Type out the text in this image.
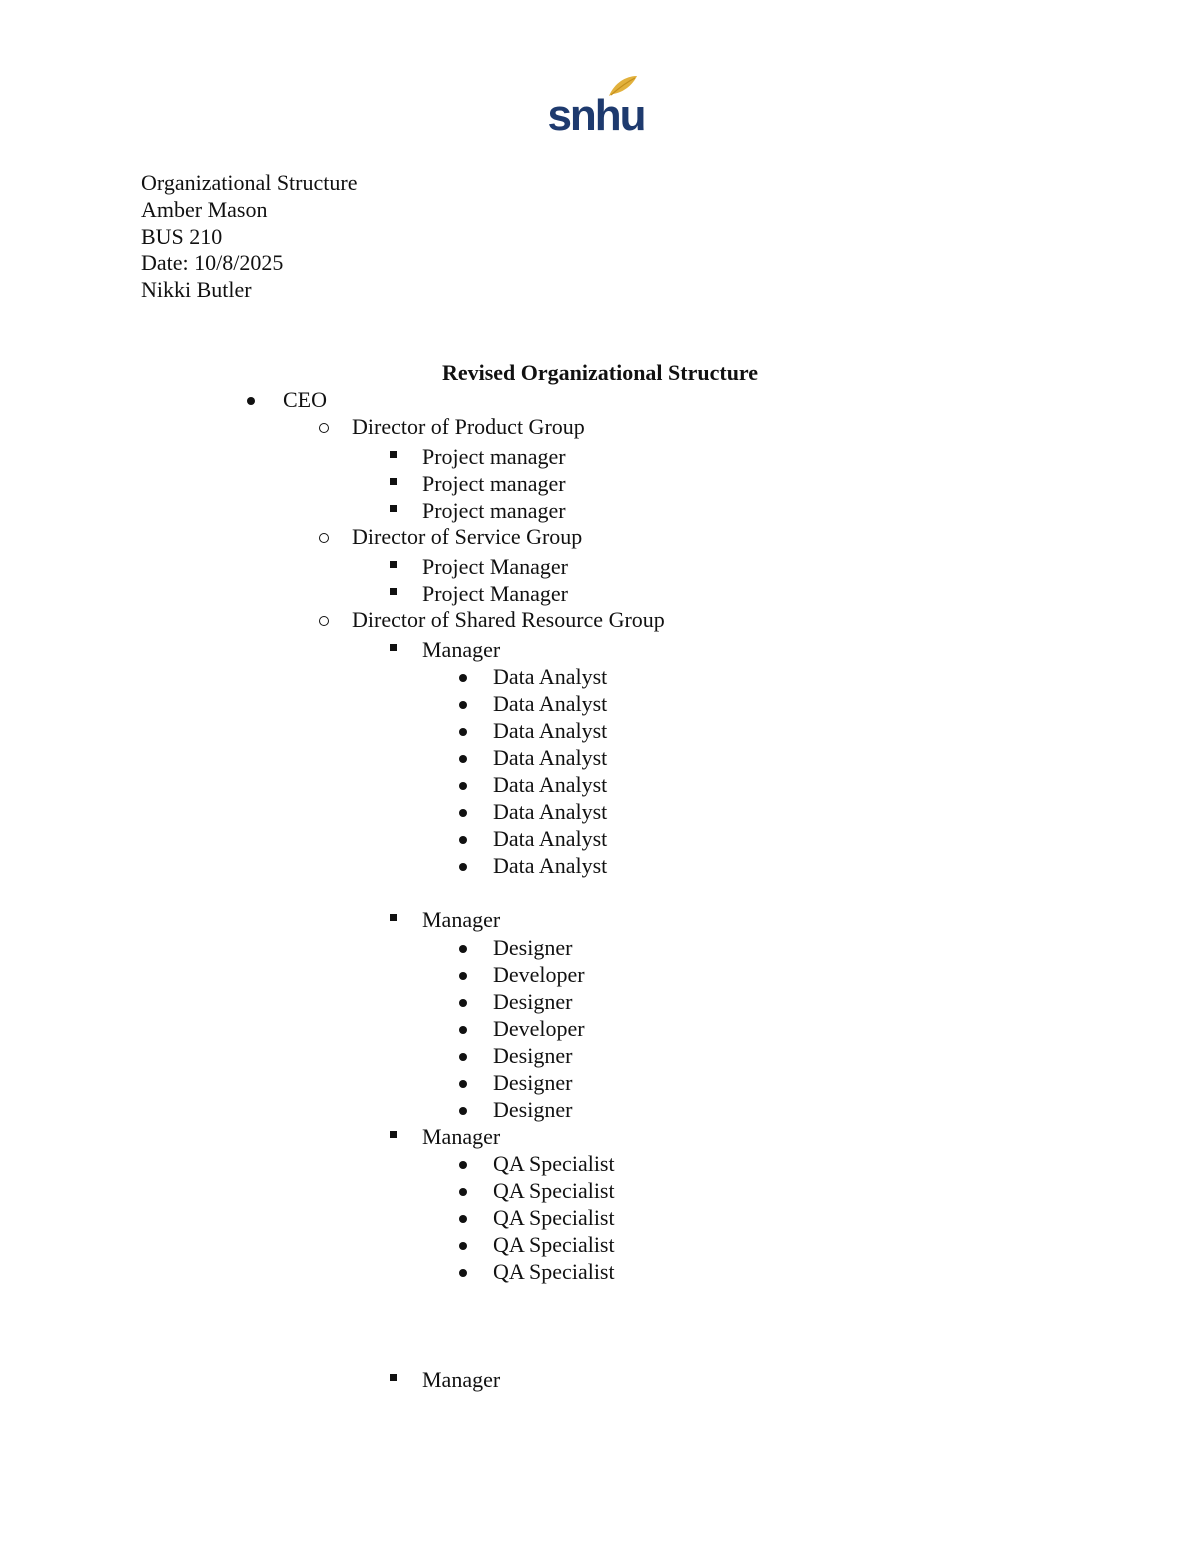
snhu
Organizational Structure
Amber Mason
BUS 210
Date: 10/8/2025
Nikki Butler
Revised Organizational Structure
CEO
Director of Product Group
Project manager
Project manager
Project manager
Director of Service Group
Project Manager
Project Manager
Director of Shared Resource Group
Manager
Data Analyst
Data Analyst
Data Analyst
Data Analyst
Data Analyst
Data Analyst
Data Analyst
Data Analyst
Manager
Designer
Developer
Designer
Developer
Designer
Designer
Designer
Manager
QA Specialist
QA Specialist
QA Specialist
QA Specialist
QA Specialist
Manager
